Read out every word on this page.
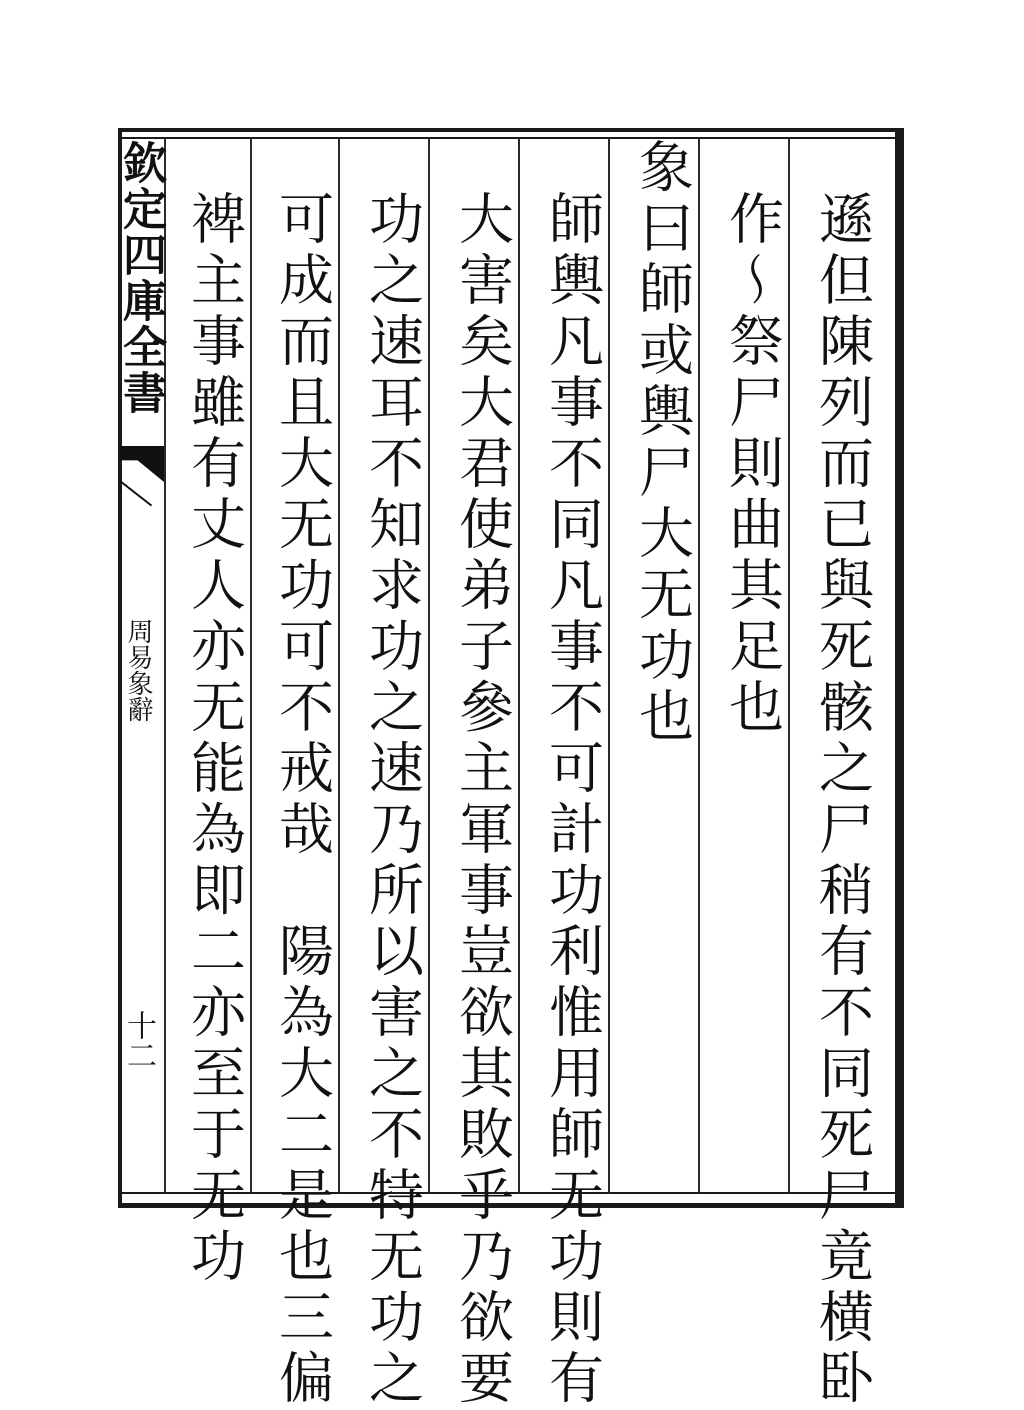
欽定四庫全書
周易象辭
十二	遜但陳列而已與死骸之尸稍有不同死尸竟横卧
作〜祭尸則曲其足也
象曰師或輿尸大无功也
師輿凡事不同凡事不可計功利惟用師无功則有
大害矣大君使弟子參主軍事豈欲其敗乎乃欲要
功之速耳不知求功之速乃所以害之不特无功之
可成而且大无功可不戒哉　陽為大二是也三偏
裨主事雖有丈人亦无能為即二亦至于无功
